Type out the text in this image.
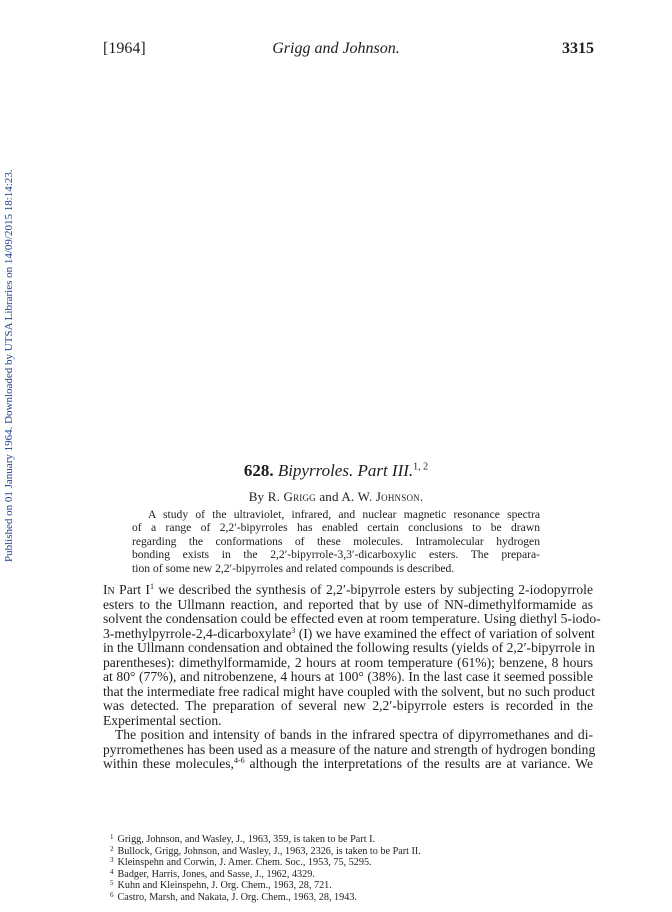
[1964]	Grigg and Johnson.	3315
Published on 01 January 1964. Downloaded by UTSA Libraries on 14/09/2015 18:14:23.	628. Bipyrroles. Part III.$^{1, 2}$
By R. Grigg and A. W. Johnson.
A study of the ultraviolet, infrared, and nuclear magnetic resonance spectra
of a range of 2,2′-bipyrroles has enabled certain conclusions to be drawn
regarding the conformations of these molecules. Intramolecular hydrogen
bonding exists in the 2,2′-bipyrrole-3,3′-dicarboxylic esters. The prepara-
tion of some new 2,2′-bipyrroles and related compounds is described.
In Part $I^1$ we described the synthesis of 2,2′-bipyrrole esters by subjecting 2-iodopyrrole
esters to the Ullmann reaction, and reported that by use of NN-dimethylformamide as
solvent the condensation could be effected even at room temperature. Using diethyl 5-iodo-
3-methylpyrrole-2,4-dicarboxylate$^3$ (I) we have examined the effect of variation of solvent
in the Ullmann condensation and obtained the following results (yields of 2,2′-bipyrrole in
parentheses): dimethylformamide, 2 hours at room temperature (61%); benzene, 8 hours
at 80° (77%), and nitrobenzene, 4 hours at 100° (38%). In the last case it seemed possible
that the intermediate free radical might have coupled with the solvent, but no such product
was detected. The preparation of several new 2,2′-bipyrrole esters is recorded in the
Experimental section.
The position and intensity of bands in the infrared spectra of dipyrromethanes and di-
pyrromethenes has been used as a measure of the nature and strength of hydrogen bonding
within these molecules,$^{4-6}$ although the interpretations of the results are at variance. We
$^1$ Grigg, Johnson, and Wasley, J., 1963, 359, is taken to be Part I.
$^2$ Bullock, Grigg, Johnson, and Wasley, J., 1963, 2326, is taken to be Part II.
$^3$ Kleinspehn and Corwin, J. Amer. Chem. Soc., 1953, 75, 5295.
$^4$ Badger, Harris, Jones, and Sasse, J., 1962, 4329.
$^5$ Kuhn and Kleinspehn, J. Org. Chem., 1963, 28, 721.
$^6$ Castro, Marsh, and Nakata, J. Org. Chem., 1963, 28, 1943.
